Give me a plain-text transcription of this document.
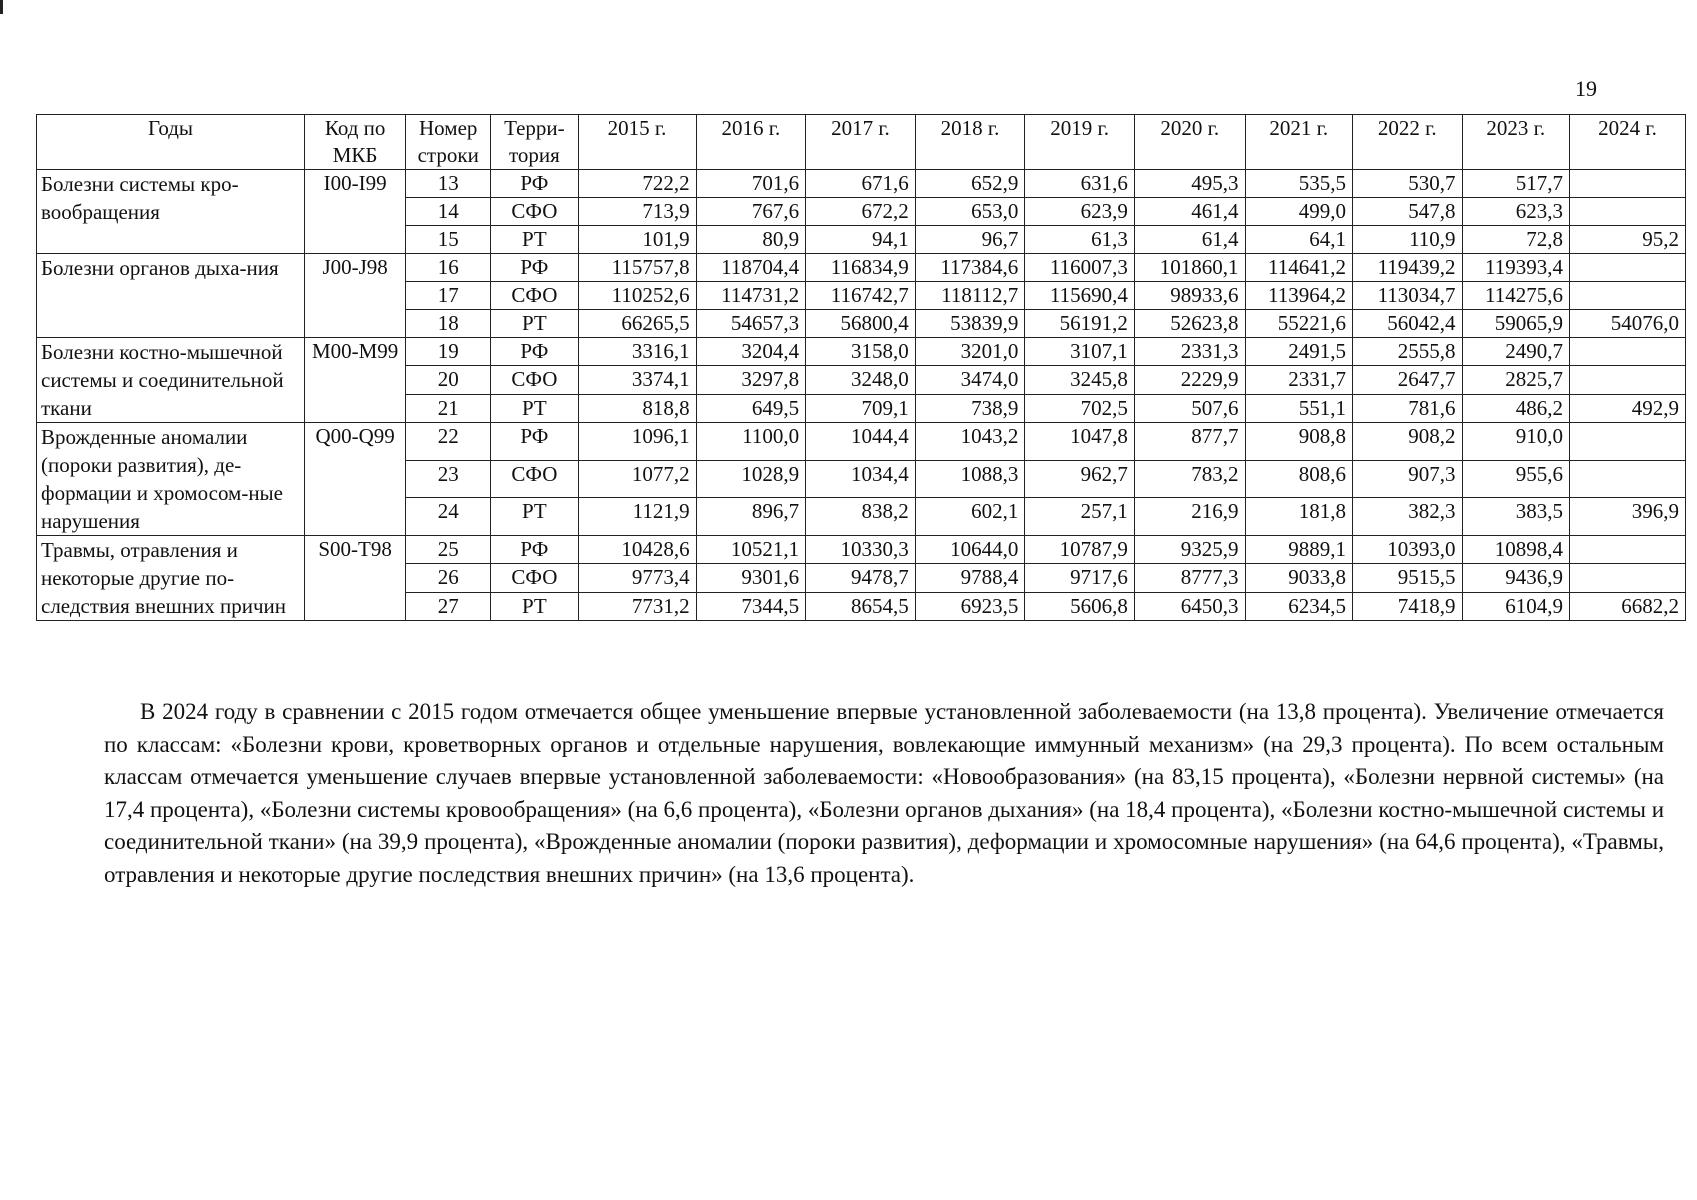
19
Годы	Код по МКБ	Номер строки	Терри-тория	2015 г.	2016 г.	2017 г.	2018 г.	2019 г.	2020 г.	2021 г.	2022 г.	2023 г.	2024 г.
Болезни системы кро-вообращения	I00-I99	13	РФ	722,2	701,6	671,6	652,9	631,6	495,3	535,5	530,7	517,7	
		14	СФО	713,9	767,6	672,2	653,0	623,9	461,4	499,0	547,8	623,3	
		15	РТ	101,9	80,9	94,1	96,7	61,3	61,4	64,1	110,9	72,8	95,2
Болезни органов дыха-ния	J00-J98	16	РФ	115757,8	118704,4	116834,9	117384,6	116007,3	101860,1	114641,2	119439,2	119393,4	
		17	СФО	110252,6	114731,2	116742,7	118112,7	115690,4	98933,6	113964,2	113034,7	114275,6	
		18	РТ	66265,5	54657,3	56800,4	53839,9	56191,2	52623,8	55221,6	56042,4	59065,9	54076,0
Болезни костно-мышечной системы и соединительной ткани	M00-M99	19	РФ	3316,1	3204,4	3158,0	3201,0	3107,1	2331,3	2491,5	2555,8	2490,7	
		20	СФО	3374,1	3297,8	3248,0	3474,0	3245,8	2229,9	2331,7	2647,7	2825,7	
		21	РТ	818,8	649,5	709,1	738,9	702,5	507,6	551,1	781,6	486,2	492,9
Врожденные аномалии (пороки развития), де-формации и хромосом-ные нарушения	Q00-Q99	22	РФ	1096,1	1100,0	1044,4	1043,2	1047,8	877,7	908,8	908,2	910,0	
		23	СФО	1077,2	1028,9	1034,4	1088,3	962,7	783,2	808,6	907,3	955,6	
		24	РТ	1121,9	896,7	838,2	602,1	257,1	216,9	181,8	382,3	383,5	396,9
Травмы, отравления и некоторые другие по-следствия внешних причин	S00-T98	25	РФ	10428,6	10521,1	10330,3	10644,0	10787,9	9325,9	9889,1	10393,0	10898,4	
		26	СФО	9773,4	9301,6	9478,7	9788,4	9717,6	8777,3	9033,8	9515,5	9436,9	
		27	РТ	7731,2	7344,5	8654,5	6923,5	5606,8	6450,3	6234,5	7418,9	6104,9	6682,2
В 2024 году в сравнении с 2015 годом отмечается общее уменьшение впервые установленной заболеваемости (на 13,8 процента). Увеличение отмечается по классам: «Болезни крови, кроветворных органов и отдельные нарушения, вовлекающие иммунный механизм» (на 29,3 процента). По всем остальным классам отмечается уменьшение случаев впервые установленной заболеваемости: «Новообразования» (на 83,15 процента), «Болезни нервной системы» (на 17,4 процента), «Болезни системы кровообращения» (на 6,6 процента), «Болезни органов дыхания» (на 18,4 процента), «Болезни костно-мышечной системы и соединительной ткани» (на 39,9 процента), «Врожденные аномалии (пороки развития), деформации и хромосомные нарушения» (на 64,6 процента), «Травмы, отравления и некоторые другие последствия внешних причин» (на 13,6 процента).
